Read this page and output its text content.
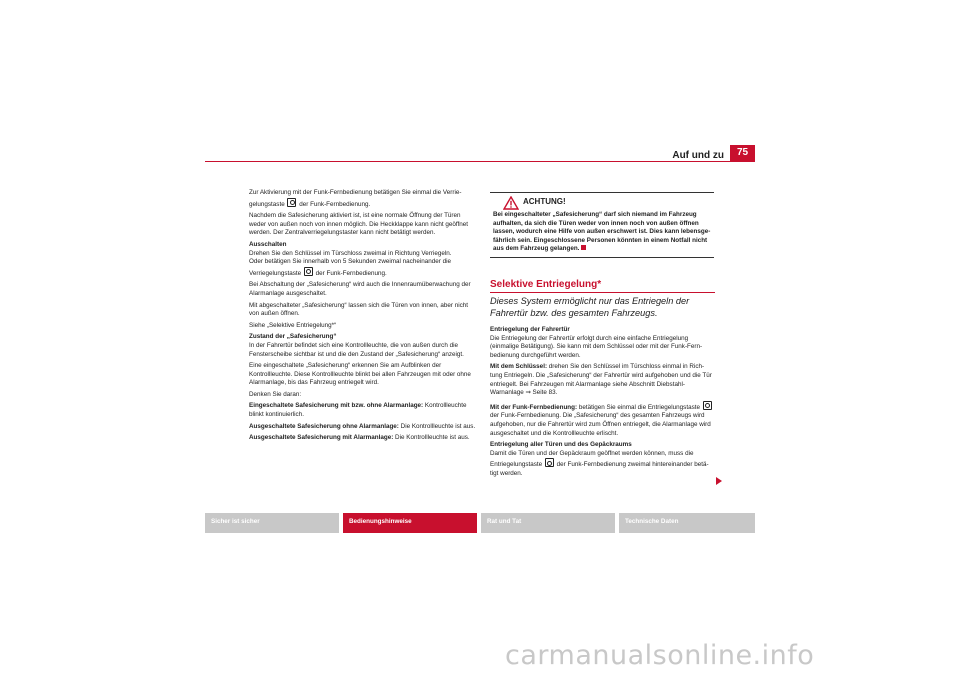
Auf und zu	75

Zur Aktivierung mit der Funk-Fernbedienung betätigen Sie einmal die Verrie-gelungstaste der Funk-Fernbedienung.

Nachdem die Safesicherung aktiviert ist, ist eine normale Öffnung der Türen weder von außen noch von innen möglich. Die Heckklappe kann nicht geöffnet werden. Der Zentralverriegelungstaster kann nicht betätigt werden.

Ausschalten
Drehen Sie den Schlüssel im Türschloss zweimal in Richtung Verriegeln.

Oder betätigen Sie innerhalb von 5 Sekunden zweimal nacheinander die Verriegelungstaste der Funk-Fernbedienung.

Bei Abschaltung der „Safesicherung“ wird auch die Innenraumüberwachung der Alarmanlage ausgeschaltet.

Mit abgeschalteter „Safesicherung“ lassen sich die Türen von innen, aber nicht von außen öffnen.

Siehe „Selektive Entriegelung*“

Zustand der „Safesicherung“
In der Fahrertür befindet sich eine Kontrollleuchte, die von außen durch die Fensterscheibe sichtbar ist und die den Zustand der „Safesicherung“ anzeigt.

Eine eingeschaltete „Safesicherung“ erkennen Sie am Aufblinken der Kontrollleuchte. Diese Kontrollleuchte blinkt bei allen Fahrzeugen mit oder ohne Alarmanlage, bis das Fahrzeug entriegelt wird.

Denken Sie daran:

Eingeschaltete Safesicherung mit bzw. ohne Alarmanlage: Kontrollleuchte blinkt kontinuierlich.

Ausgeschaltete Safesicherung ohne Alarmanlage: Die Kontrollleuchte ist aus.

Ausgeschaltete Safesicherung mit Alarmanlage: Die Kontrollleuchte ist aus.

ACHTUNG!
Bei eingeschalteter „Safesicherung“ darf sich niemand im Fahrzeug aufhalten, da sich die Türen weder von innen noch von außen öffnen lassen, wodurch eine Hilfe von außen erschwert ist. Dies kann lebensge-fährlich sein. Eingeschlossene Personen könnten in einem Notfall nicht aus dem Fahrzeug gelangen.
Selektive Entriegelung*
Dieses System ermöglicht nur das Entriegeln der Fahrertür bzw. des gesamten Fahrzeugs.

Entriegelung der Fahrertür
Die Entriegelung der Fahrertür erfolgt durch eine einfache Entriegelung (einmalige Betätigung). Sie kann mit dem Schlüssel oder mit der Funk-Fern-bedienung durchgeführt werden.

Mit dem Schlüssel: drehen Sie den Schlüssel im Türschloss einmal in Rich-tung Entriegeln. Die „Safesicherung“ der Fahrertür wird aufgehoben und die Tür entriegelt. Bei Fahrzeugen mit Alarmanlage siehe Abschnitt Diebstahl-Warnanlage ⇒ Seite 83.

Mit der Funk-Fernbedienung: betätigen Sie einmal die Entriegelungstaste  der Funk-Fernbedienung. Die „Safesicherung“ des gesamten Fahrzeugs wird aufgehoben, nur die Fahrertür wird zum Öffnen entriegelt, die Alarmanlage wird ausgeschaltet und die Kontrollleuchte erlischt.

Entriegelung aller Türen und des Gepäckraums
Damit die Türen und der Gepäckraum geöffnet werden können, muss die Entriegelungstaste  der Funk-Fernbedienung zweimal hintereinander betä-tigt werden.

Sicher ist sicher	Bedienungshinweise	Rat und Tat	Technische Daten
carmanualsonline.info
